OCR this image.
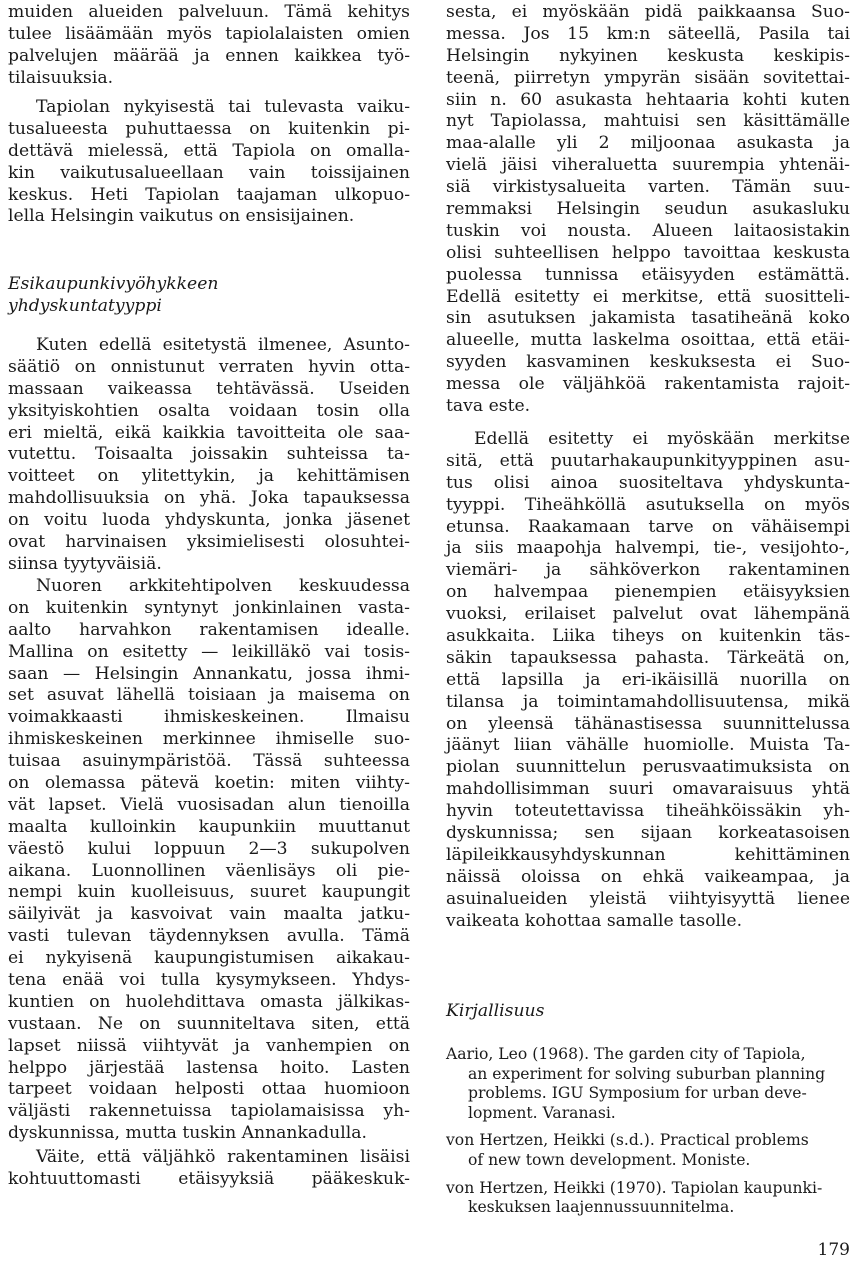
muiden alueiden palveluun. Tämä kehitys
tulee lisäämään myös tapiolalaisten omien
palvelujen määrää ja ennen kaikkea työ-
tilaisuuksia.
Tapiolan nykyisestä tai tulevasta vaiku-
tusalueesta puhuttaessa on kuitenkin pi-
dettävä mielessä, että Tapiola on omalla-
kin vaikutusalueellaan vain toissijainen
keskus. Heti Tapiolan taajaman ulkopuo-
lella Helsingin vaikutus on ensisijainen.
Esikaupunkivyöhykkeen
yhdyskuntatyyppi
Kuten edellä esitetystä ilmenee, Asunto-
säätiö on onnistunut verraten hyvin otta-
massaan vaikeassa tehtävässä. Useiden
yksityiskohtien osalta voidaan tosin olla
eri mieltä, eikä kaikkia tavoitteita ole saa-
vutettu. Toisaalta joissakin suhteissa ta-
voitteet on ylitettykin, ja kehittämisen
mahdollisuuksia on yhä. Joka tapauksessa
on voitu luoda yhdyskunta, jonka jäsenet
ovat harvinaisen yksimielisesti olosuhtei-
siinsa tyytyväisiä.
Nuoren arkkitehtipolven keskuudessa
on kuitenkin syntynyt jonkinlainen vasta-
aalto harvahkon rakentamisen idealle.
Mallina on esitetty — leikilläkö vai tosis-
saan — Helsingin Annankatu, jossa ihmi-
set asuvat lähellä toisiaan ja maisema on
voimakkaasti ihmiskeskeinen. Ilmaisu
ihmiskeskeinen merkinnee ihmiselle suo-
tuisaa asuinympäristöä. Tässä suhteessa
on olemassa pätevä koetin: miten viihty-
vät lapset. Vielä vuosisadan alun tienoilla
maalta kulloinkin kaupunkiin muuttanut
väestö kului loppuun 2—3 sukupolven
aikana. Luonnollinen väenlisäys oli pie-
nempi kuin kuolleisuus, suuret kaupungit
säilyivät ja kasvoivat vain maalta jatku-
vasti tulevan täydennyksen avulla. Tämä
ei nykyisenä kaupungistumisen aikakau-
tena enää voi tulla kysymykseen. Yhdys-
kuntien on huolehdittava omasta jälkikas-
vustaan. Ne on suunniteltava siten, että
lapset niissä viihtyvät ja vanhempien on
helppo järjestää lastensa hoito. Lasten
tarpeet voidaan helposti ottaa huomioon
väljästi rakennetuissa tapiolamaisissa yh-
dyskunnissa, mutta tuskin Annankadulla.
Väite, että väljähkö rakentaminen lisäisi
kohtuuttomasti etäisyyksiä pääkeskuk-
sesta, ei myöskään pidä paikkaansa Suo-
messa. Jos 15 km:n säteellä, Pasila tai
Helsingin nykyinen keskusta keskipis-
teenä, piirretyn ympyrän sisään sovitettai-
siin n. 60 asukasta hehtaaria kohti kuten
nyt Tapiolassa, mahtuisi sen käsittämälle
maa-alalle yli 2 miljoonaa asukasta ja
vielä jäisi viheraluetta suurempia yhtenäi-
siä virkistysalueita varten. Tämän suu-
remmaksi Helsingin seudun asukasluku
tuskin voi nousta. Alueen laitaosistakin
olisi suhteellisen helppo tavoittaa keskusta
puolessa tunnissa etäisyyden estämättä.
Edellä esitetty ei merkitse, että suositteli-
sin asutuksen jakamista tasatiheänä koko
alueelle, mutta laskelma osoittaa, että etäi-
syyden kasvaminen keskuksesta ei Suo-
messa ole väljähköä rakentamista rajoit-
tava este.
Edellä esitetty ei myöskään merkitse
sitä, että puutarhakaupunkityyppinen asu-
tus olisi ainoa suositeltava yhdyskunta-
tyyppi. Tiheähköllä asutuksella on myös
etunsa. Raakamaan tarve on vähäisempi
ja siis maapohja halvempi, tie-, vesijohto-,
viemäri- ja sähköverkon rakentaminen
on halvempaa pienempien etäisyyksien
vuoksi, erilaiset palvelut ovat lähempänä
asukkaita. Liika tiheys on kuitenkin täs-
säkin tapauksessa pahasta. Tärkeätä on,
että lapsilla ja eri-ikäisillä nuorilla on
tilansa ja toimintamahdollisuutensa, mikä
on yleensä tähänastisessa suunnittelussa
jäänyt liian vähälle huomiolle. Muista Ta-
piolan suunnittelun perusvaatimuksista on
mahdollisimman suuri omavaraisuus yhtä
hyvin toteutettavissa tiheähköissäkin yh-
dyskunnissa; sen sijaan korkeatasoisen
läpileikkausyhdyskunnan kehittäminen
näissä oloissa on ehkä vaikeampaa, ja
asuinalueiden yleistä viihtyisyyttä lienee
vaikeata kohottaa samalle tasolle.
Kirjallisuus
Aario, Leo (1968). The garden city of Tapiola,
an experiment for solving suburban planning
problems. IGU Symposium for urban deve-
lopment. Varanasi.
von Hertzen, Heikki (s.d.). Practical problems
of new town development. Moniste.
von Hertzen, Heikki (1970). Tapiolan kaupunki-
keskuksen laajennussuunnitelma.
179
